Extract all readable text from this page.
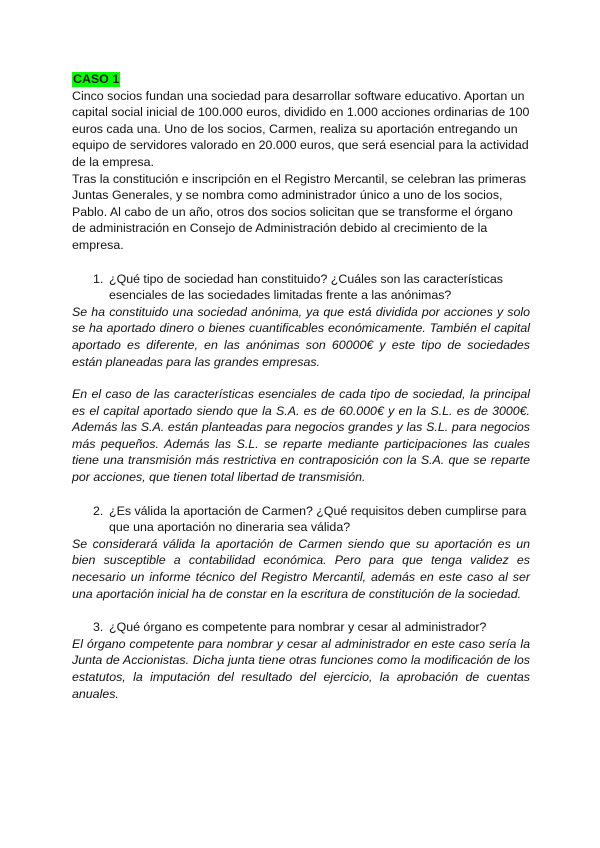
CASO 1

Cinco socios fundan una sociedad para desarrollar software educativo. Aportan un capital social inicial de 100.000 euros, dividido en 1.000 acciones ordinarias de 100 euros cada una. Uno de los socios, Carmen, realiza su aportación entregando un equipo de servidores valorado en 20.000 euros, que será esencial para la actividad de la empresa.

Tras la constitución e inscripción en el Registro Mercantil, se celebran las primeras Juntas Generales, y se nombra como administrador único a uno de los socios, Pablo. Al cabo de un año, otros dos socios solicitan que se transforme el órgano de administración en Consejo de Administración debido al crecimiento de la empresa.

1. ¿Qué tipo de sociedad han constituido? ¿Cuáles son las características esenciales de las sociedades limitadas frente a las anónimas?

Se ha constituido una sociedad anónima, ya que está dividida por acciones y solo se ha aportado dinero o bienes cuantificables económicamente. También el capital aportado es diferente, en las anónimas son 60000€ y este tipo de sociedades están planeadas para las grandes empresas.

En el caso de las características esenciales de cada tipo de sociedad, la principal es el capital aportado siendo que la S.A. es de 60.000€ y en la S.L. es de 3000€. Además las S.A. están planteadas para negocios grandes y las S.L. para negocios más pequeños. Además las S.L. se reparte mediante participaciones las cuales tiene una transmisión más restrictiva en contraposición con la S.A. que se reparte por acciones, que tienen total libertad de transmisión.

2. ¿Es válida la aportación de Carmen? ¿Qué requisitos deben cumplirse para que una aportación no dineraria sea válida?

Se considerará válida la aportación de Carmen siendo que su aportación es un bien susceptible a contabilidad económica. Pero para que tenga validez es necesario un informe técnico del Registro Mercantil, además en este caso al ser una aportación inicial ha de constar en la escritura de constitución de la sociedad.

3. ¿Qué órgano es competente para nombrar y cesar al administrador?

El órgano competente para nombrar y cesar al administrador en este caso sería la Junta de Accionistas. Dicha junta tiene otras funciones como la modificación de los estatutos, la imputación del resultado del ejercicio, la aprobación de cuentas anuales.
